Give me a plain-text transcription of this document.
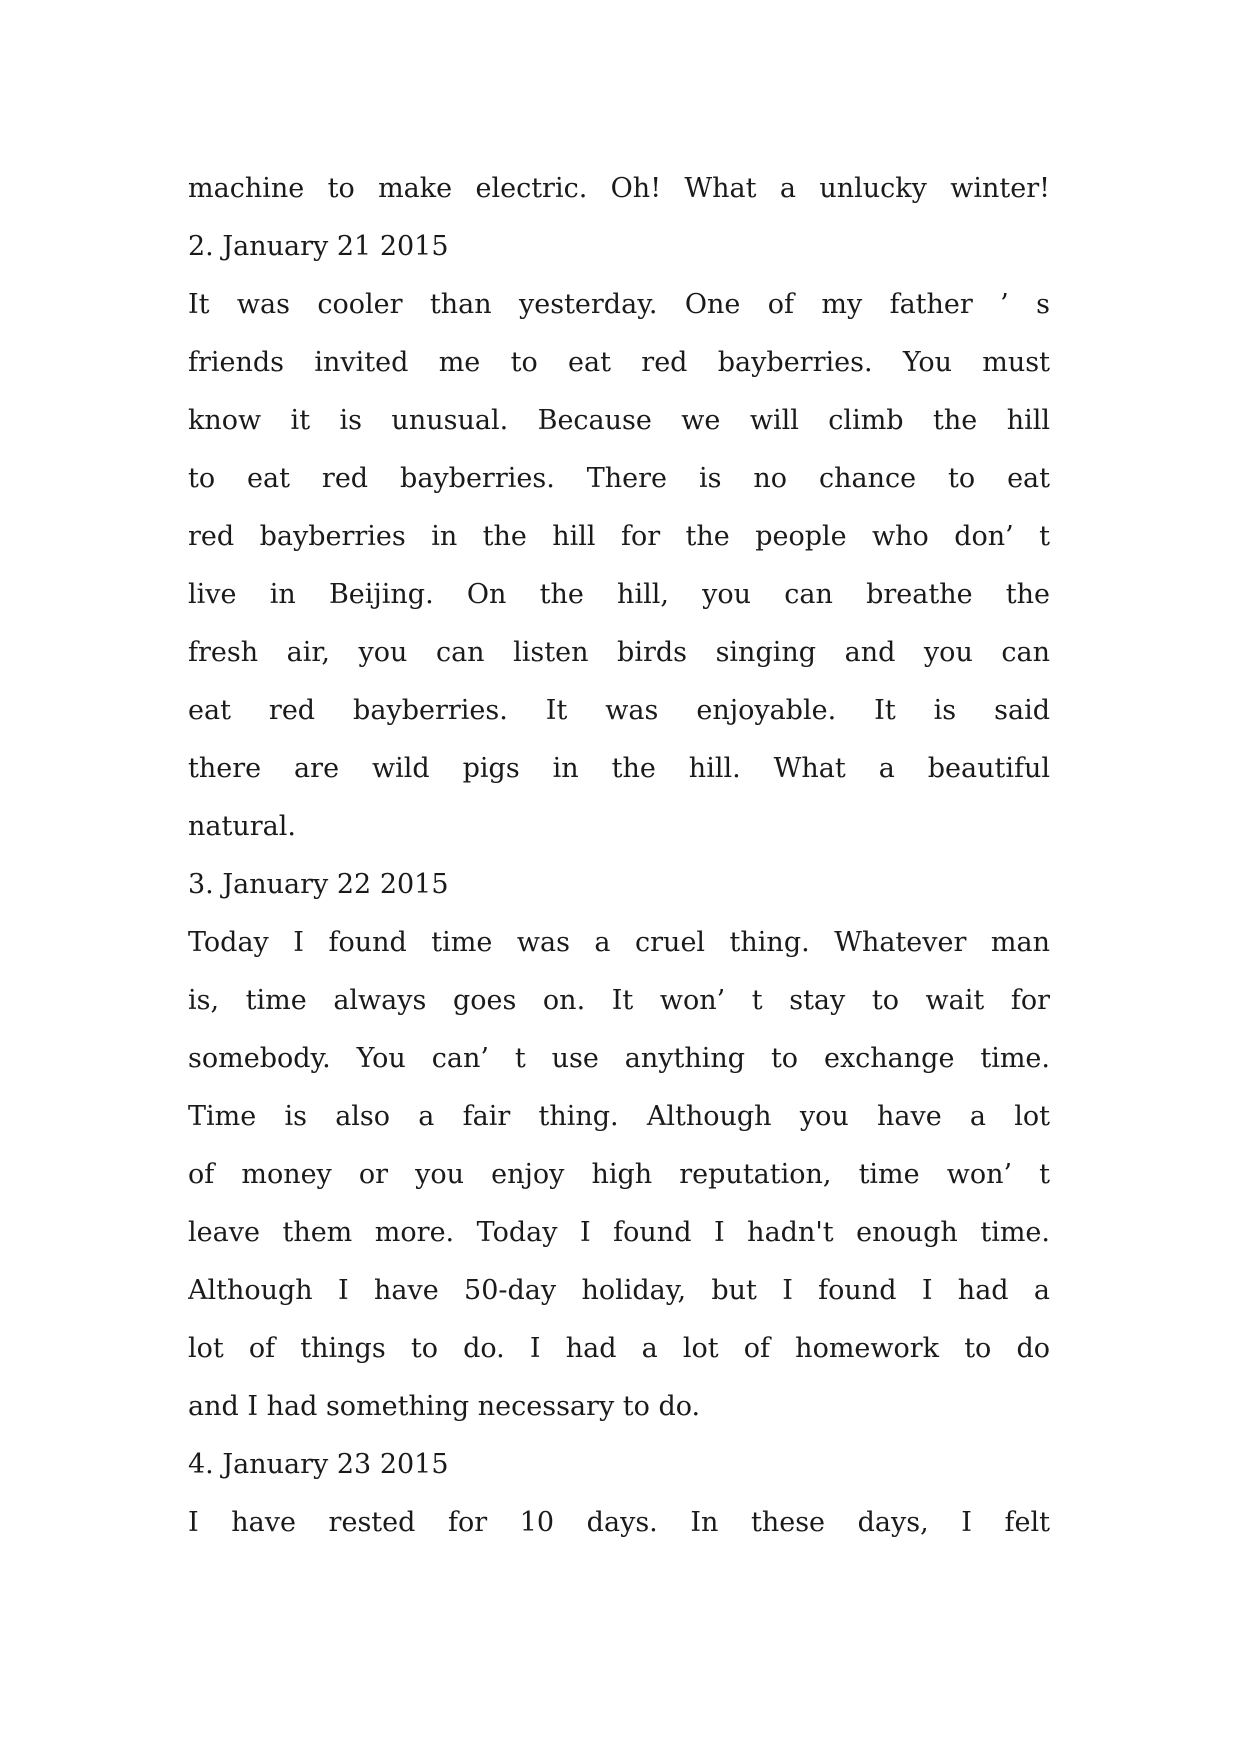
machine to make electric. Oh! What a unlucky winter!
2. January 21 2015
It was cooler than yesterday. One of my father ’ s
friends invited me to eat red bayberries. You must
know it is unusual. Because we will climb the hill
to eat red bayberries. There is no chance to eat
red bayberries in the hill for the people who don’ t
live in Beijing. On the hill, you can breathe the
fresh air, you can listen birds singing and you can
eat red bayberries. It was enjoyable. It is said
there are wild pigs in the hill. What a beautiful
natural.
3. January 22 2015
Today I found time was a cruel thing. Whatever man
is, time always goes on. It won’ t stay to wait for
somebody. You can’ t use anything to exchange time.
Time is also a fair thing. Although you have a lot
of money or you enjoy high reputation, time won’ t
leave them more. Today I found I hadn't enough time.
Although I have 50-day holiday, but I found I had a
lot of things to do. I had a lot of homework to do
and I had something necessary to do.
4. January 23 2015
I have rested for 10 days. In these days, I felt
